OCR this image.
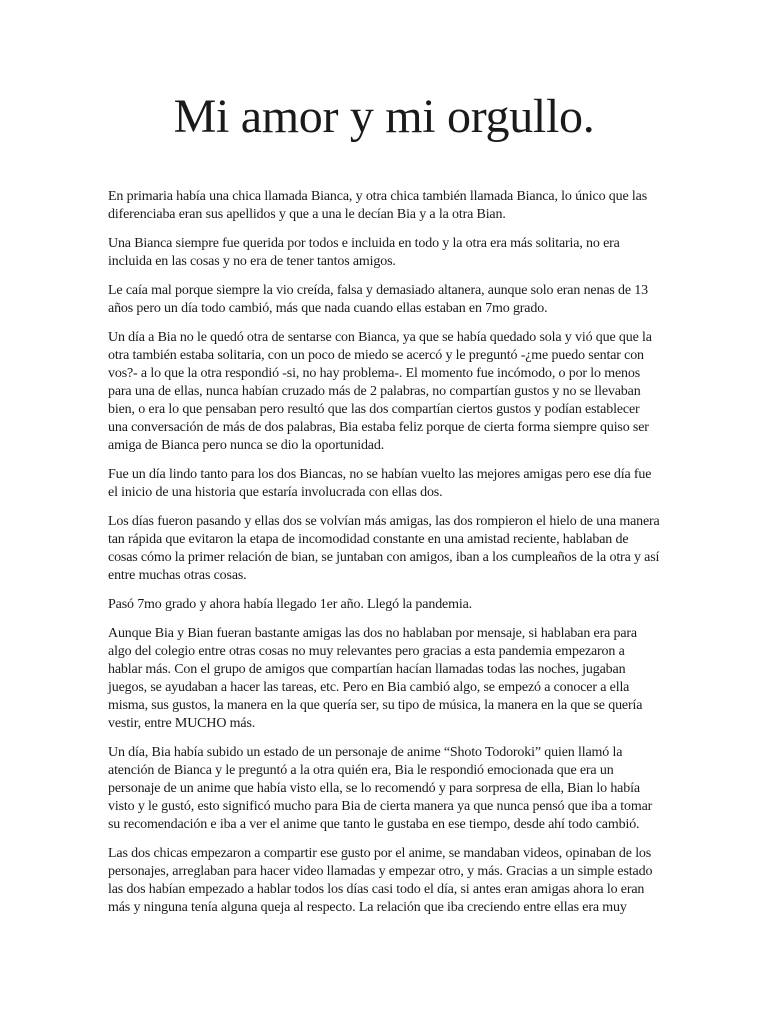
Mi amor y mi orgullo.

En primaria había una chica llamada Bianca, y otra chica también llamada Bianca, lo único que las diferenciaba eran sus apellidos y que a una le decían Bia y a la otra Bian.

Una Bianca siempre fue querida por todos e incluida en todo y la otra era más solitaria, no era incluida en las cosas y no era de tener tantos amigos.

Le caía mal porque siempre la vio creída, falsa y demasiado altanera, aunque solo eran nenas de 13 años pero un día todo cambió, más que nada cuando ellas estaban en 7mo grado.

Un día a Bia no le quedó otra de sentarse con Bianca, ya que se había quedado sola y vió que que la otra también estaba solitaria, con un poco de miedo se acercó y le preguntó -¿me puedo sentar con vos?- a lo que la otra respondió -si, no hay problema-. El momento fue incómodo, o por lo menos para una de ellas, nunca habían cruzado más de 2 palabras, no compartían gustos y no se llevaban bien, o era lo que pensaban pero resultó que las dos compartían ciertos gustos y podían establecer una conversación de más de dos palabras, Bia estaba feliz porque de cierta forma siempre quiso ser amiga de Bianca pero nunca se dio la oportunidad.

Fue un día lindo tanto para los dos Biancas, no se habían vuelto las mejores amigas pero ese día fue el inicio de una historia que estaría involucrada con ellas dos.

Los días fueron pasando y ellas dos se volvían más amigas, las dos rompieron el hielo de una manera tan rápida que evitaron la etapa de incomodidad constante en una amistad reciente, hablaban de cosas cómo la primer relación de bian, se juntaban con amigos, iban a los cumpleaños de la otra y así entre muchas otras cosas.

Pasó 7mo grado y ahora había llegado 1er año. Llegó la pandemia.

Aunque Bia y Bian fueran bastante amigas las dos no hablaban por mensaje, si hablaban era para algo del colegio entre otras cosas no muy relevantes pero gracias a esta pandemia empezaron a hablar más. Con el grupo de amigos que compartían hacían llamadas todas las noches, jugaban juegos, se ayudaban a hacer las tareas, etc. Pero en Bia cambió algo, se empezó a conocer a ella misma, sus gustos, la manera en la que quería ser, su tipo de música, la manera en la que se quería vestir, entre MUCHO más.

Un día, Bia había subido un estado de un personaje de anime “Shoto Todoroki” quien llamó la atención de Bianca y le preguntó a la otra quién era, Bia le respondió emocionada que era un personaje de un anime que había visto ella, se lo recomendó y para sorpresa de ella, Bian lo había visto y le gustó, esto significó mucho para Bia de cierta manera ya que nunca pensó que iba a tomar su recomendación e iba a ver el anime que tanto le gustaba en ese tiempo, desde ahí todo cambió.

Las dos chicas empezaron a compartir ese gusto por el anime, se mandaban videos, opinaban de los personajes, arreglaban para hacer video llamadas y empezar otro, y más. Gracias a un simple estado las dos habían empezado a hablar todos los días casi todo el día, si antes eran amigas ahora lo eran más y ninguna tenía alguna queja al respecto. La relación que iba creciendo entre ellas era muy
